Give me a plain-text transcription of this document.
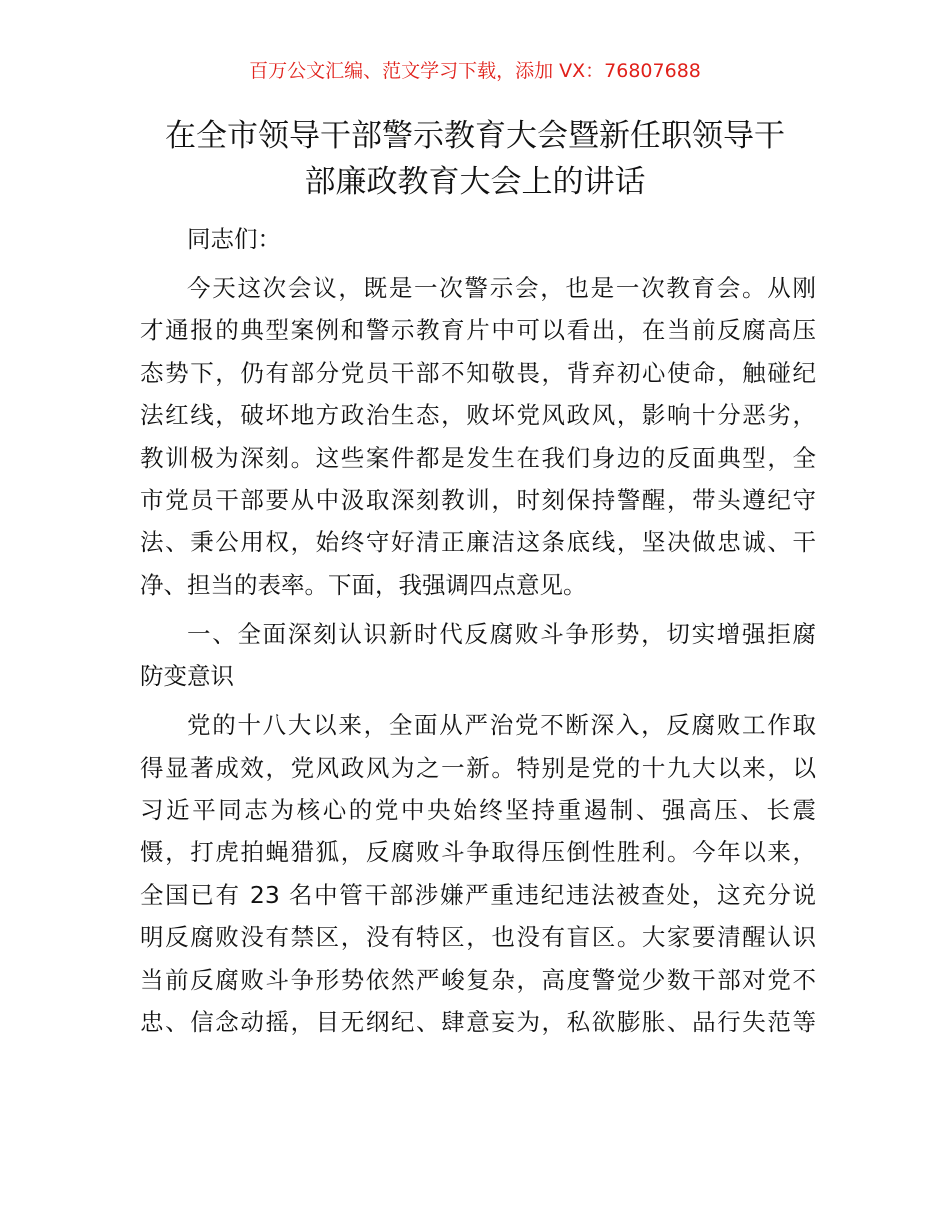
百万公文汇编、范文学习下载，添加 VX：76807688
在全市领导干部警示教育大会暨新任职领导干
部廉政教育大会上的讲话

同志们：

今天这次会议，既是一次警示会，也是一次教育会。从刚
才通报的典型案例和警示教育片中可以看出，在当前反腐高压
态势下，仍有部分党员干部不知敬畏，背弃初心使命，触碰纪
法红线，破坏地方政治生态，败坏党风政风，影响十分恶劣，
教训极为深刻。这些案件都是发生在我们身边的反面典型，全
市党员干部要从中汲取深刻教训，时刻保持警醒，带头遵纪守
法、秉公用权，始终守好清正廉洁这条底线，坚决做忠诚、干
净、担当的表率。下面，我强调四点意见。

一、全面深刻认识新时代反腐败斗争形势，切实增强拒腐
防变意识

党的十八大以来，全面从严治党不断深入，反腐败工作取
得显著成效，党风政风为之一新。特别是党的十九大以来，以
习近平同志为核心的党中央始终坚持重遏制、强高压、长震
慑，打虎拍蝇猎狐，反腐败斗争取得压倒性胜利。今年以来，
全国已有 23 名中管干部涉嫌严重违纪违法被查处，这充分说
明反腐败没有禁区，没有特区，也没有盲区。大家要清醒认识
当前反腐败斗争形势依然严峻复杂，高度警觉少数干部对党不
忠、信念动摇，目无纲纪、肆意妄为，私欲膨胀、品行失范等
